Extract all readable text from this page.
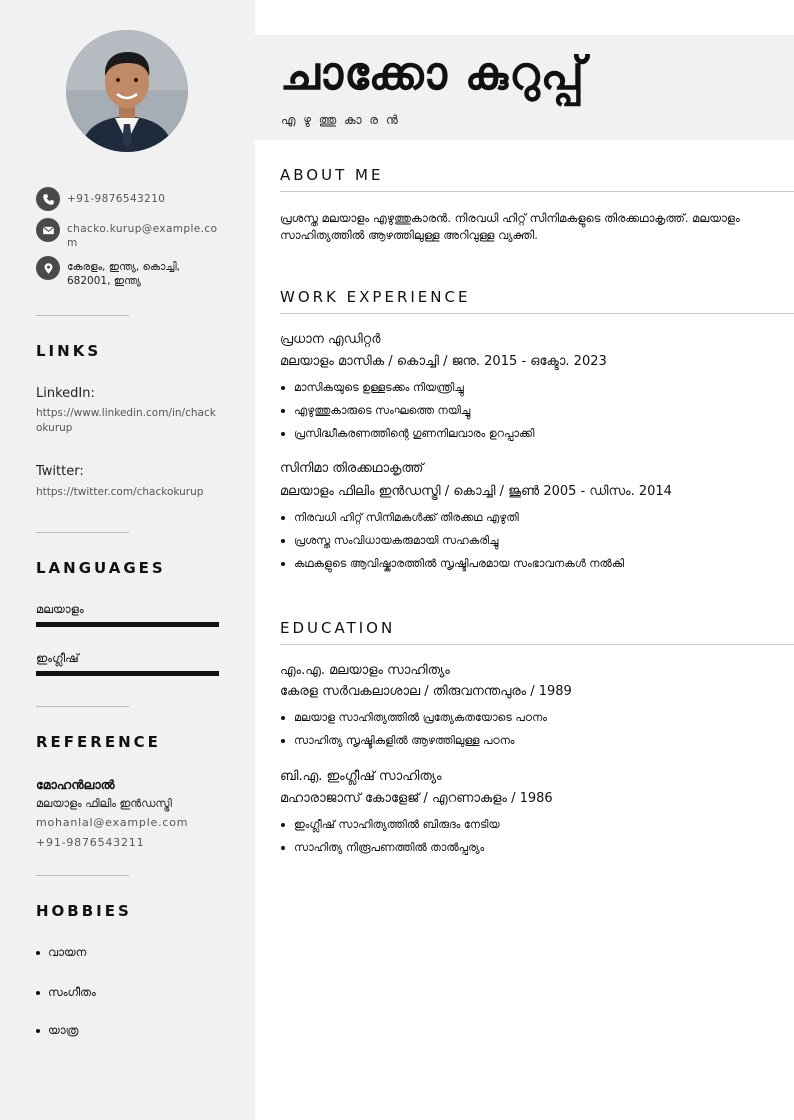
+91-9876543210
chacko.kurup@example.com
കേരളം, ഇന്ത്യ, കൊച്ചി, 682001, ഇന്ത്യ
LINKS
LinkedIn:
https://www.linkedin.com/in/chackokurup
Twitter:
https://twitter.com/chackokurup
LANGUAGES
മലയാളം
ഇംഗ്ലീഷ്
REFERENCE
മോഹൻലാൽ
മലയാളം ഫിലിം ഇൻഡസ്ട്രി
mohanlal@example.com
+91-9876543211
HOBBIES
വായന
സംഗീതം
യാത്ര
ചാക്കോ കുറുപ്പ്
എ ഴു ത്തു കാ ര ൻ
ABOUT ME
പ്രശസ്ത മലയാളം എഴുത്തുകാരൻ. നിരവധി ഹിറ്റ് സിനിമകളുടെ തിരക്കഥാകൃത്ത്. മലയാളം സാഹിത്യത്തിൽ ആഴത്തിലുള്ള അറിവുള്ള വ്യക്തി.
WORK EXPERIENCE
പ്രധാന എഡിറ്റർ
മലയാളം മാസിക / കൊച്ചി / ജനു. 2015 - ഒക്ടോ. 2023
മാസികയുടെ ഉള്ളടക്കം നിയന്ത്രിച്ചു
എഴുത്തുകാരുടെ സംഘത്തെ നയിച്ചു
പ്രസിദ്ധീകരണത്തിന്റെ ഗുണനിലവാരം ഉറപ്പാക്കി
സിനിമാ തിരക്കഥാകൃത്ത്
മലയാളം ഫിലിം ഇൻഡസ്ട്രി / കൊച്ചി / ജൂൺ 2005 - ഡിസം. 2014
നിരവധി ഹിറ്റ് സിനിമകൾക്ക് തിരക്കഥ എഴുതി
പ്രശസ്ത സംവിധായകരുമായി സഹകരിച്ചു
കഥകളുടെ ആവിഷ്കാരത്തിൽ സൃഷ്ടിപരമായ സംഭാവനകൾ നൽകി
EDUCATION
എം.എ. മലയാളം സാഹിത്യം
കേരള സർവകലാശാല / തിരുവനന്തപുരം / 1989
മലയാള സാഹിത്യത്തിൽ പ്രത്യേകതയോടെ പഠനം
സാഹിത്യ സൃഷ്ടികളിൽ ആഴത്തിലുള്ള പഠനം
ബി.എ. ഇംഗ്ലീഷ് സാഹിത്യം
മഹാരാജാസ് കോളേജ് / എറണാകുളം / 1986
ഇംഗ്ലീഷ് സാഹിത്യത്തിൽ ബിരുദം നേടിയ
സാഹിത്യ നിരൂപണത്തിൽ താൽപ്പര്യം
